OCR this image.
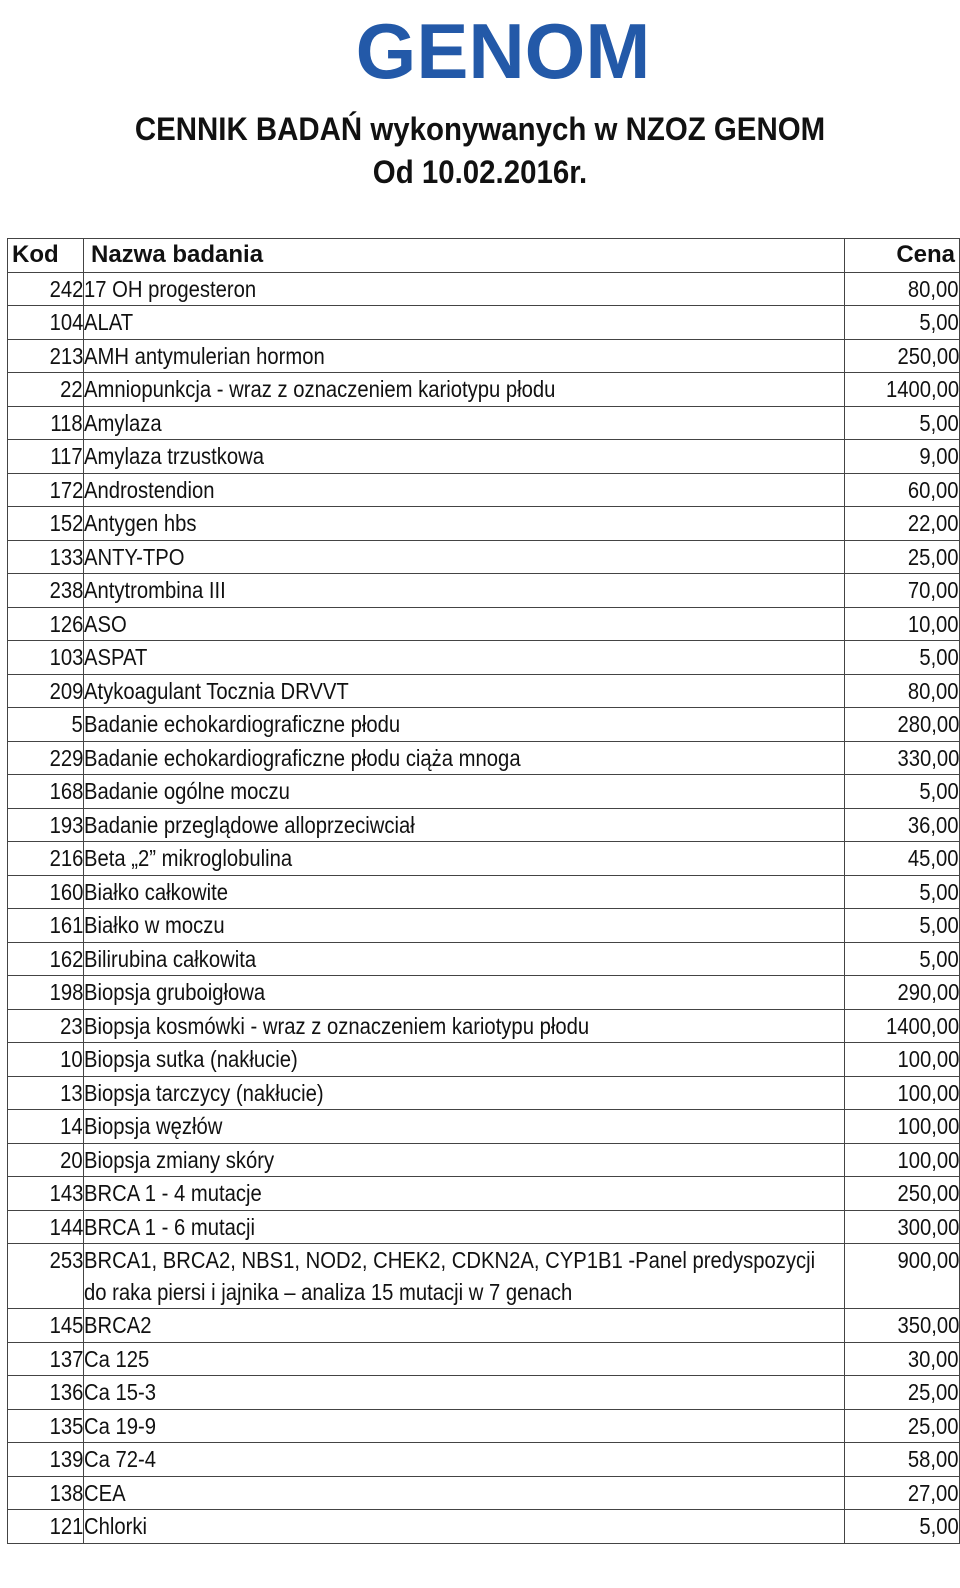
GENOM
CENNIK BADAŃ wykonywanych w NZOZ GENOM
Od 10.02.2016r.
Kod	Nazwa badania	Cena
242	17 OH progesteron	80,00
104	ALAT	5,00
213	AMH antymulerian hormon	250,00
22	Amniopunkcja - wraz z oznaczeniem kariotypu płodu	1400,00
118	Amylaza	5,00
117	Amylaza trzustkowa	9,00
172	Androstendion	60,00
152	Antygen hbs	22,00
133	ANTY-TPO	25,00
238	Antytrombina III	70,00
126	ASO	10,00
103	ASPAT	5,00
209	Atykoagulant Tocznia DRVVT	80,00
5	Badanie echokardiograficzne płodu	280,00
229	Badanie echokardiograficzne płodu ciąża mnoga	330,00
168	Badanie ogólne moczu	5,00
193	Badanie przeglądowe alloprzeciwciał	36,00
216	Beta „2” mikroglobulina	45,00
160	Białko całkowite	5,00
161	Białko w moczu	5,00
162	Bilirubina całkowita	5,00
198	Biopsja gruboigłowa	290,00
23	Biopsja kosmówki - wraz z oznaczeniem kariotypu płodu	1400,00
10	Biopsja sutka (nakłucie)	100,00
13	Biopsja tarczycy (nakłucie)	100,00
14	Biopsja węzłów	100,00
20	Biopsja zmiany skóry	100,00
143	BRCA 1 - 4 mutacje	250,00
144	BRCA 1 - 6 mutacji	300,00
253	BRCA1, BRCA2, NBS1, NOD2, CHEK2, CDKN2A, CYP1B1 -Panel predyspozycji do raka piersi i jajnika – analiza 15 mutacji w 7 genach	900,00
145	BRCA2	350,00
137	Ca 125	30,00
136	Ca 15-3	25,00
135	Ca 19-9	25,00
139	Ca 72-4	58,00
138	CEA	27,00
121	Chlorki	5,00
